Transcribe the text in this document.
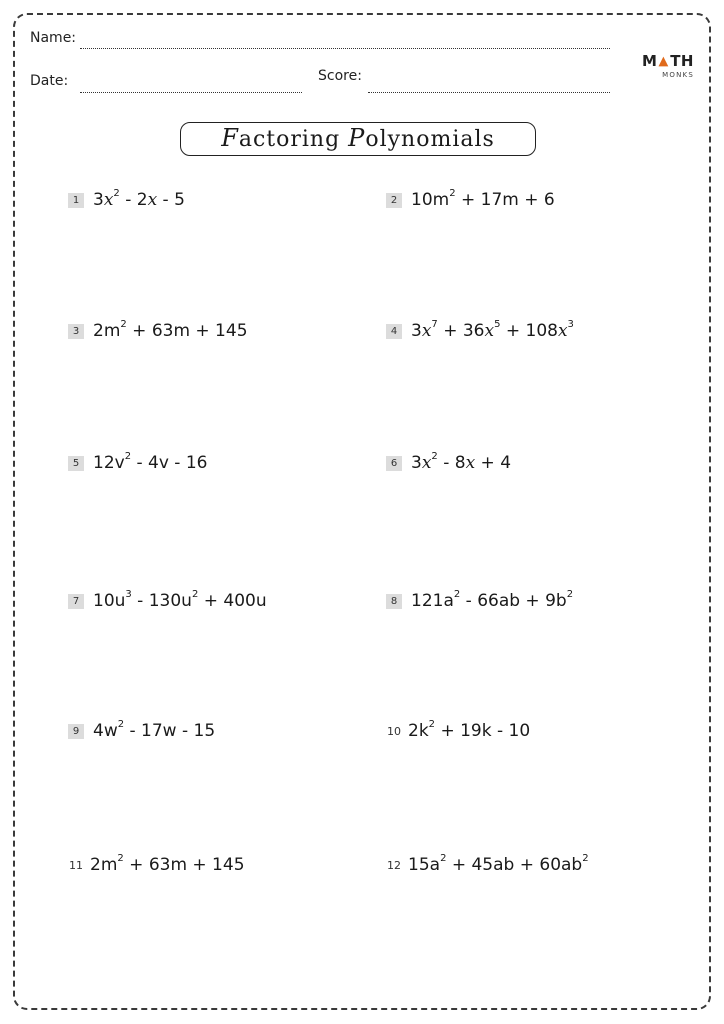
Name:
Date:	Score:
M TH
MONKS
Factoring Polynomials
1 $3x^2 - 2x - 5$	2 $10m^2 + 17m + 6$
3 $2m^2 + 63m + 145$	4 $3x^7 + 36x^5 + 108x^3$
5 $12v^2 - 4v - 16$	6 $3x^2 - 8x + 4$
7 $10u^3 - 130u^2 + 400u$	8 $121a^2 - 66ab + 9b^2$
9 $4w^2 - 17w - 15$	10 $2k^2 + 19k - 10$
11 $2m^2 + 63m + 145$	12 $15a^2 + 45ab + 60ab^2$
